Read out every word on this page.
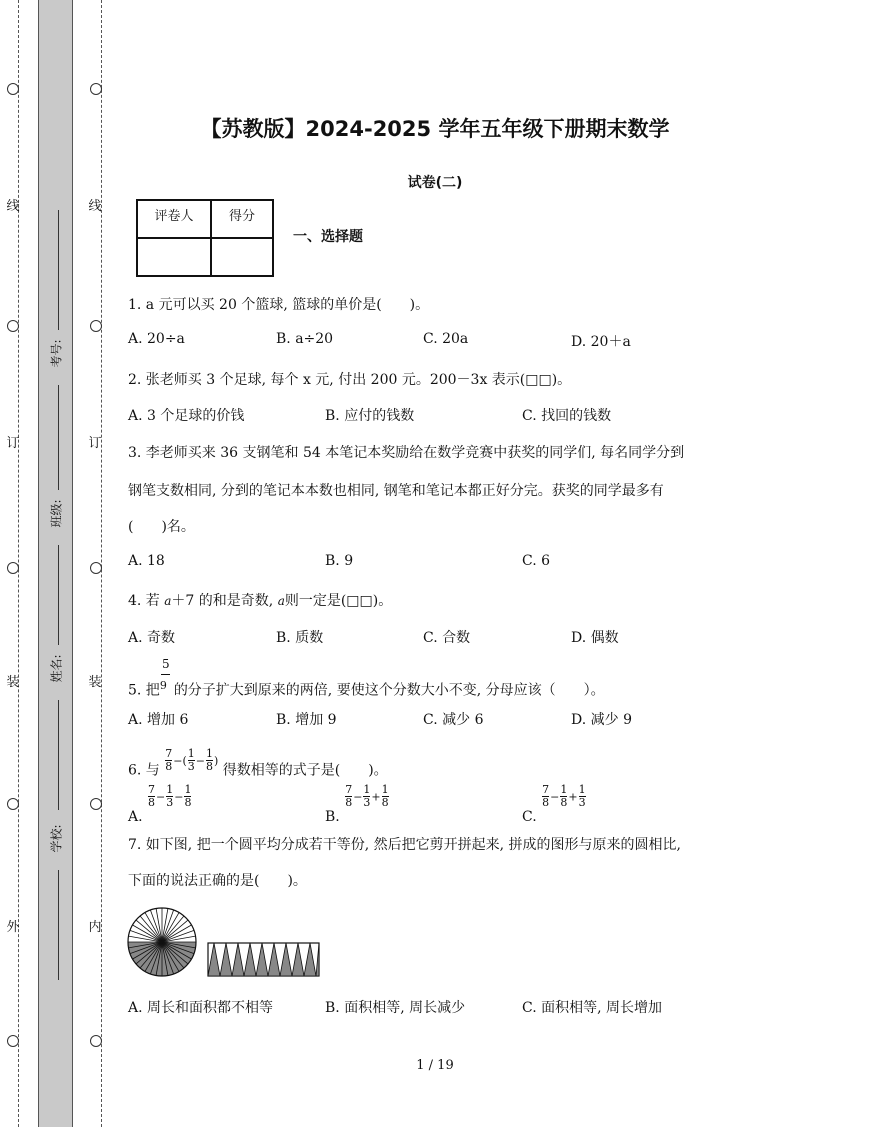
线
订
装
外
线
订
装
内
考号:
班级:
姓名:
学校:
【苏教版】2024-2025 学年五年级下册期末数学
试卷(二)
评卷人	得分

一、选择题
1. a 元可以买 20 个篮球, 篮球的单价是(　　)。
A. 20÷a	B. a÷20	C. 20a	D. 20＋a
2. 张老师买 3 个足球, 每个 x 元, 付出 200 元。200－3x 表示(□□)。
A. 3 个足球的价钱	B. 应付的钱数	C. 找回的钱数
3. 李老师买来 36 支钢笔和 54 本笔记本奖励给在数学竞赛中获奖的同学们, 每名同学分到
钢笔支数相同, 分到的笔记本本数也相同, 钢笔和笔记本都正好分完。获奖的同学最多有
(　　)名。
A. 18	B. 9	C. 6
4. 若 a＋7 的和是奇数, a则一定是(□□)。
A. 奇数	B. 质数	C. 合数	D. 偶数
5
5. 把9 的分子扩大到原来的两倍, 要使这个分数大小不变, 分母应该（　　）。
A. 增加 6	B. 增加 9	C. 减少 6	D. 减少 9
6. 与 $\frac{7}{8}$ −( $\frac{1}{3} - \frac{1}{8}$ ) 得数相等的式子是(　　)。
A.
$\frac{7}{8} - \frac{1}{3} - \frac{1}{8}$
B.
$\frac{7}{8} - \frac{1}{3} + \frac{1}{8}$
C.
$\frac{7}{8} - \frac{1}{8} + \frac{1}{3}$
7. 如下图, 把一个圆平均分成若干等份, 然后把它剪开拼起来, 拼成的图形与原来的圆相比,
下面的说法正确的是(　　)。
A. 周长和面积都不相等	B. 面积相等, 周长减少	C. 面积相等, 周长增加
1 / 19
